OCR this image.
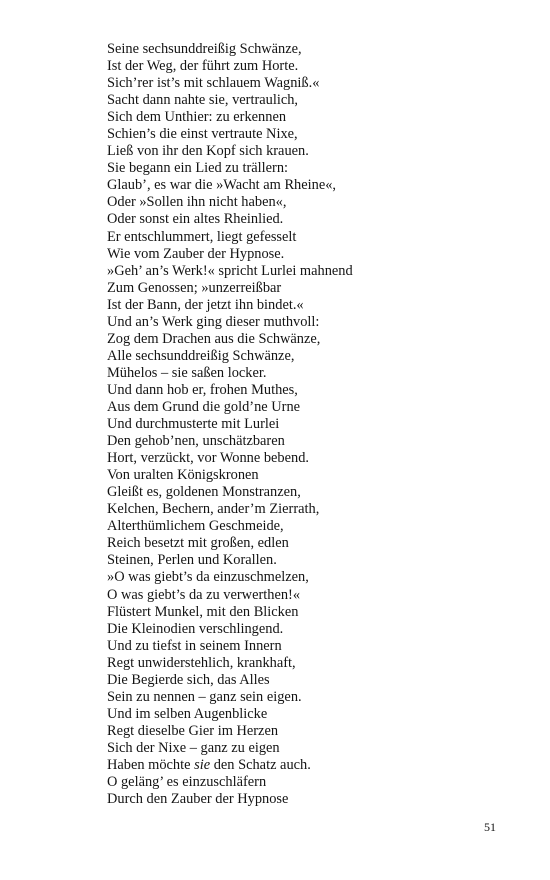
Seine sechsunddreißig Schwänze,
Ist der Weg, der führt zum Horte.
Sich’rer ist’s mit schlauem Wagniß.«
Sacht dann nahte sie, vertraulich,
Sich dem Unthier: zu erkennen
Schien’s die einst vertraute Nixe,
Ließ von ihr den Kopf sich krauen.
Sie begann ein Lied zu trällern:
Glaub’, es war die »Wacht am Rheine«,
Oder »Sollen ihn nicht haben«,
Oder sonst ein altes Rheinlied.
Er entschlummert, liegt gefesselt
Wie vom Zauber der Hypnose.
»Geh’ an’s Werk!« spricht Lurlei mahnend
Zum Genossen; »unzerreißbar
Ist der Bann, der jetzt ihn bindet.«
Und an’s Werk ging dieser muthvoll:
Zog dem Drachen aus die Schwänze,
Alle sechsunddreißig Schwänze,
Mühelos – sie saßen locker.
Und dann hob er, frohen Muthes,
Aus dem Grund die gold’ne Urne
Und durchmusterte mit Lurlei
Den gehob’nen, unschätzbaren
Hort, verzückt, vor Wonne bebend.
Von uralten Königskronen
Gleißt es, goldenen Monstranzen,
Kelchen, Bechern, ander’m Zierrath,
Alterthümlichem Geschmeide,
Reich besetzt mit großen, edlen
Steinen, Perlen und Korallen.
»O was giebt’s da einzuschmelzen,
O was giebt’s da zu verwerthen!«
Flüstert Munkel, mit den Blicken
Die Kleinodien verschlingend.
Und zu tiefst in seinem Innern
Regt unwiderstehlich, krankhaft,
Die Begierde sich, das Alles
Sein zu nennen – ganz sein eigen.
Und im selben Augenblicke
Regt dieselbe Gier im Herzen
Sich der Nixe – ganz zu eigen
Haben möchte sie den Schatz auch.
O geläng’ es einzuschläfern
Durch den Zauber der Hypnose
51
